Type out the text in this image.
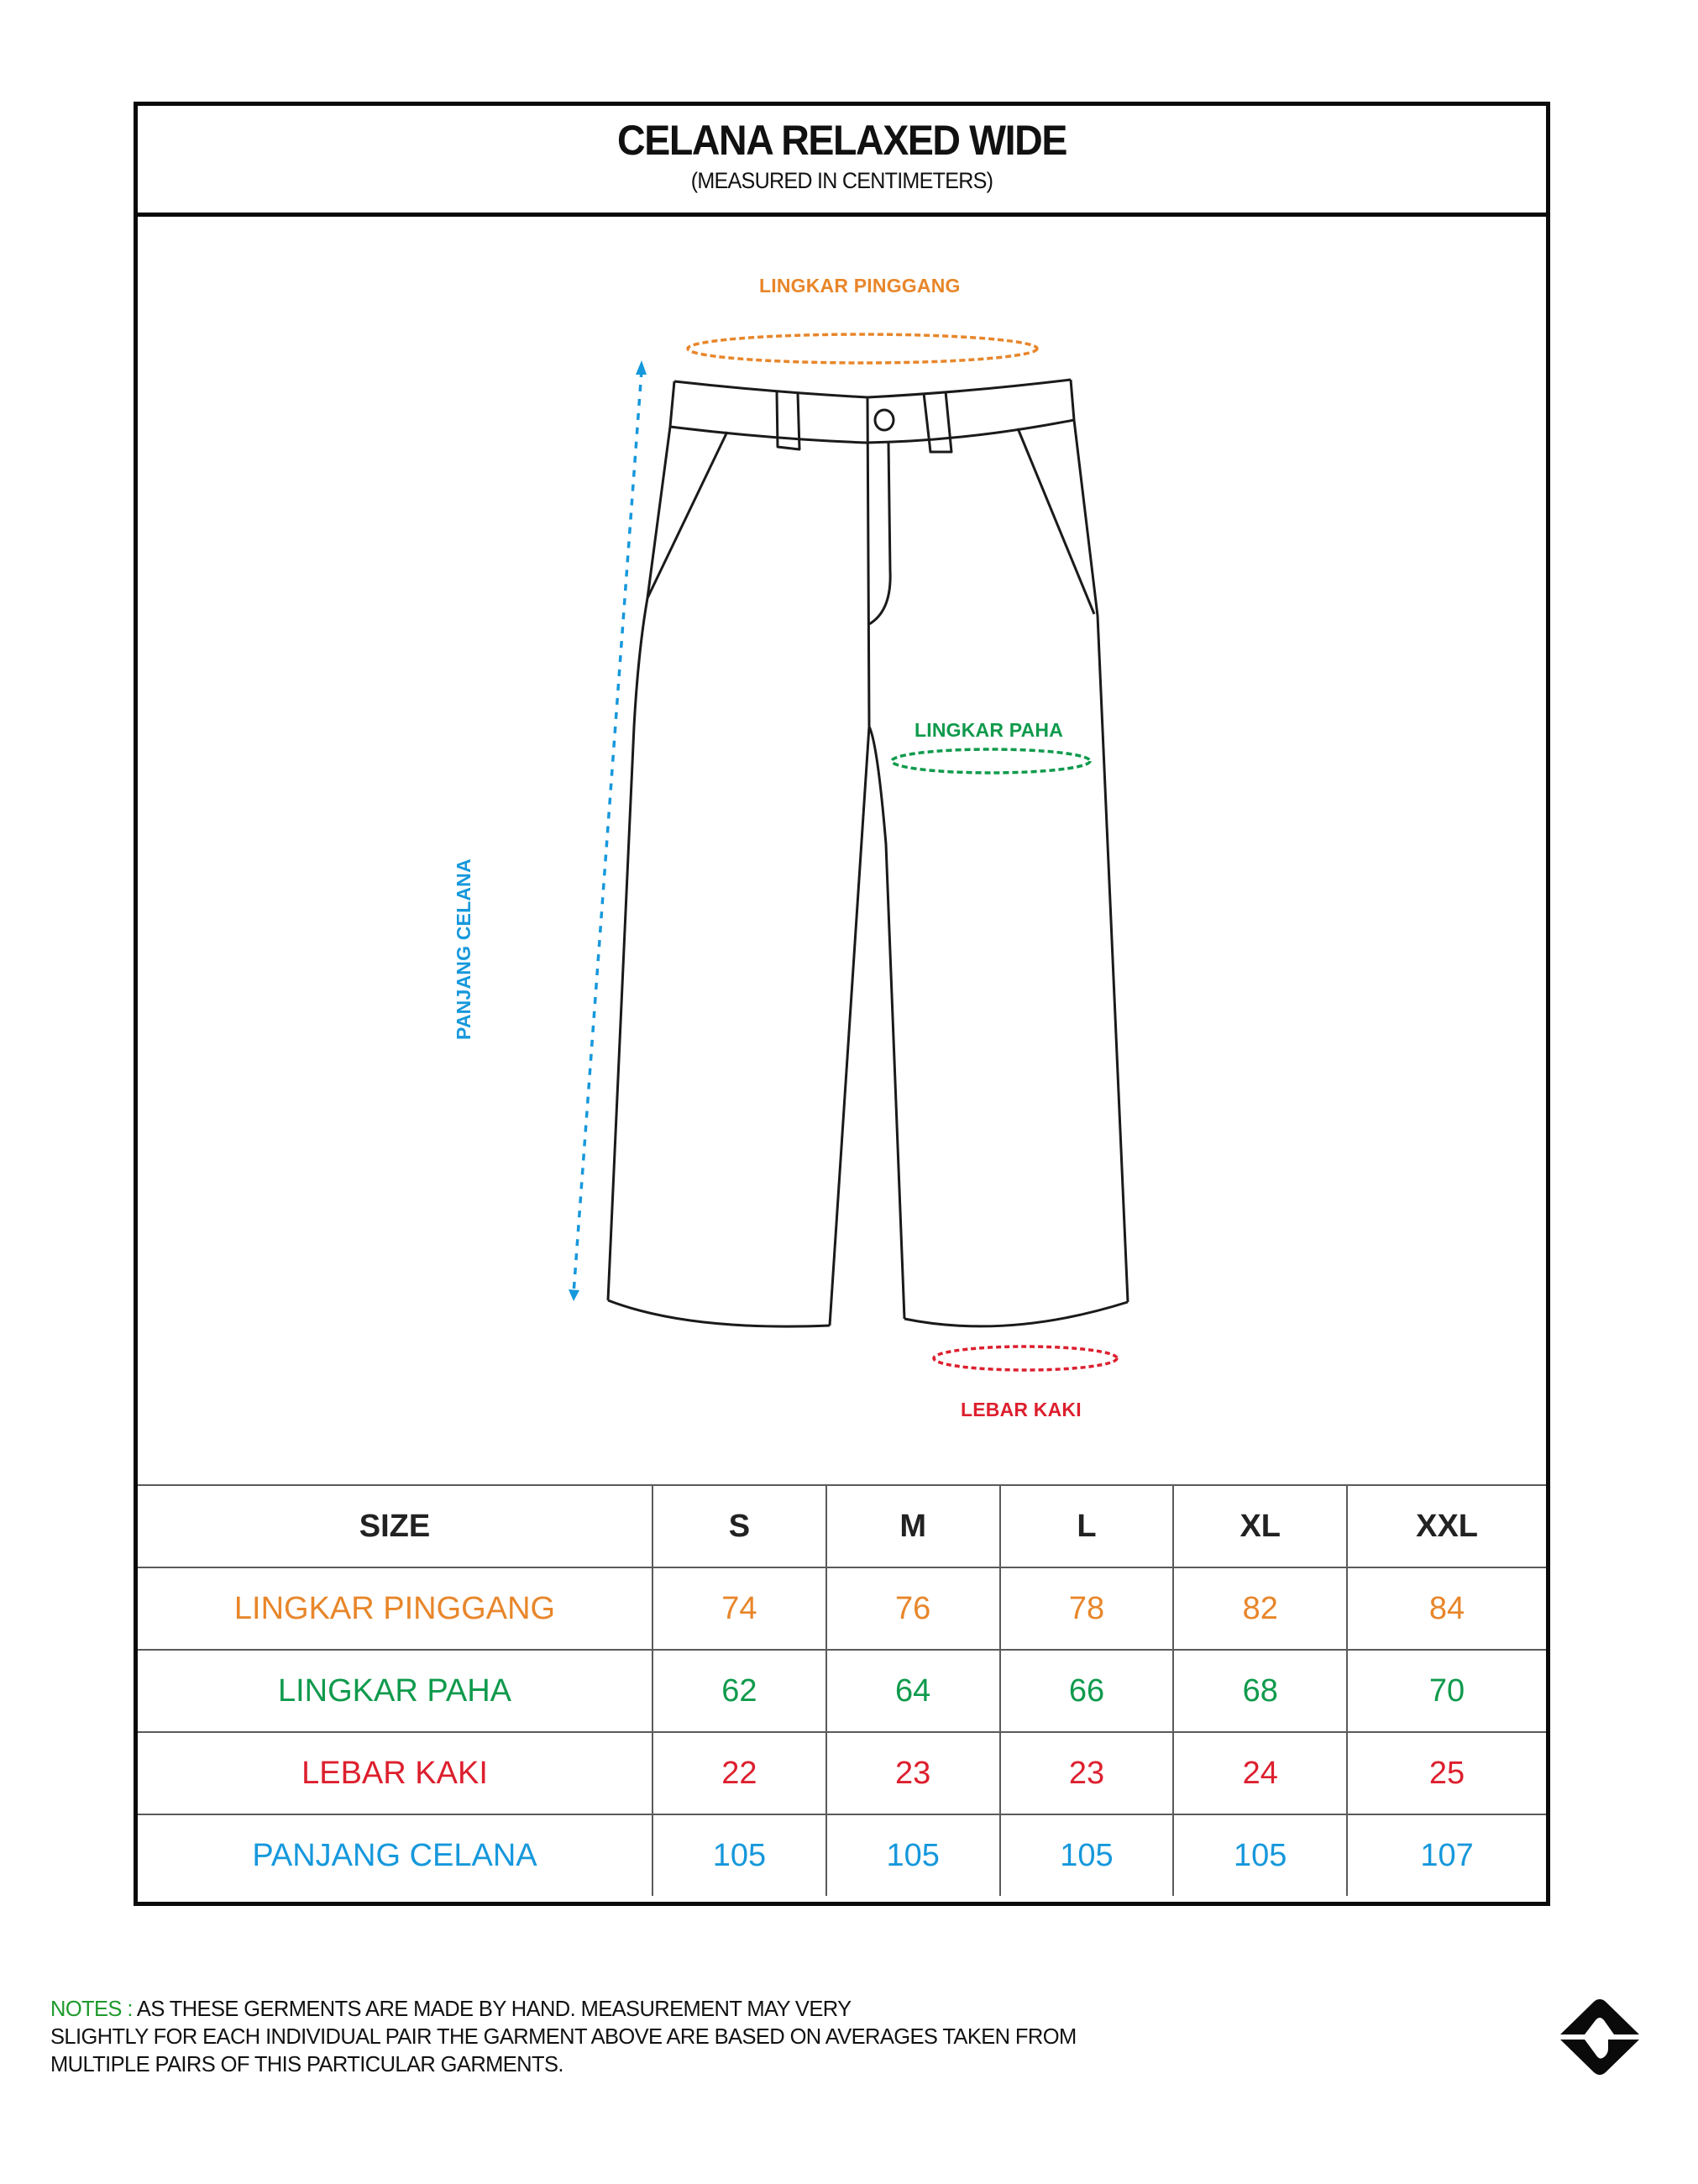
CELANA RELAXED WIDE
(MEASURED IN CENTIMETERS)
LINGKAR PINGGANG
LINGKAR PAHA
LEBAR KAKI
PANJANG CELANA
SIZE	S	M	L	XL	XXL
LINGKAR PINGGANG	74	76	78	82	84
LINGKAR PAHA	62	64	66	68	70
LEBAR KAKI	22	23	23	24	25
PANJANG CELANA	105	105	105	105	107
NOTES : AS THESE GERMENTS ARE MADE BY HAND. MEASUREMENT MAY VERY
SLIGHTLY FOR EACH INDIVIDUAL PAIR THE GARMENT ABOVE ARE BASED ON AVERAGES TAKEN FROM
MULTIPLE PAIRS OF THIS PARTICULAR GARMENTS.
